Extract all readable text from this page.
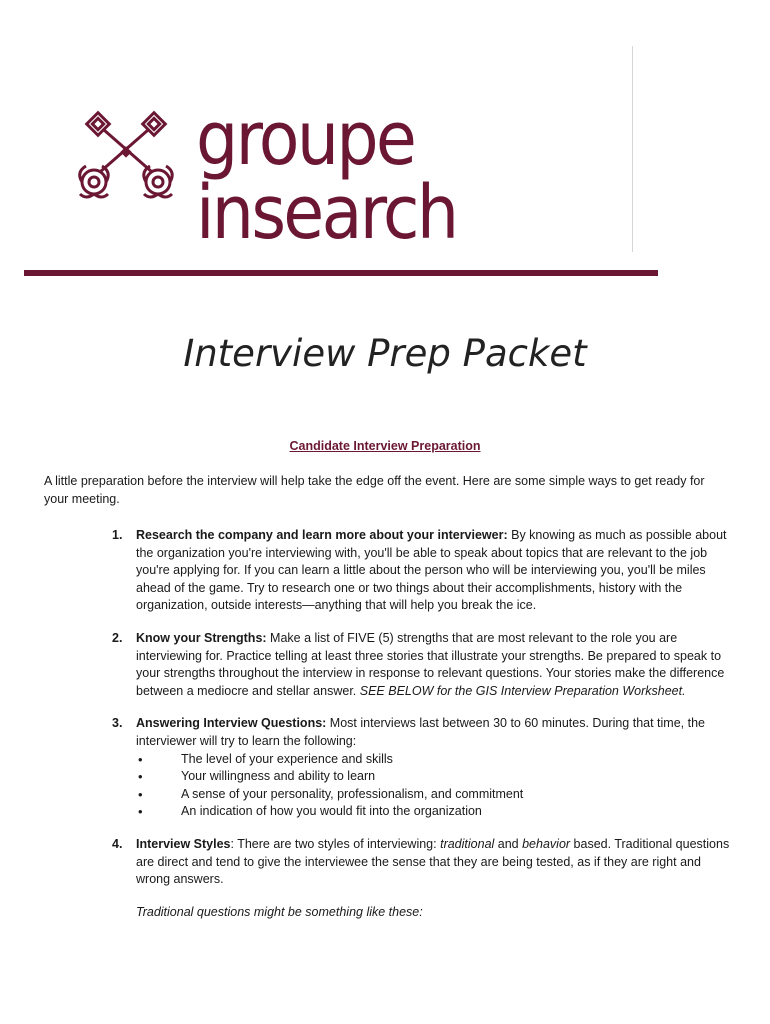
groupe insearch
Interview Prep Packet
Candidate Interview Preparation
A little preparation before the interview will help take the edge off the event. Here are some simple ways to get ready for your meeting.
1. Research the company and learn more about your interviewer: By knowing as much as possible about the organization you're interviewing with, you'll be able to speak about topics that are relevant to the job you're applying for. If you can learn a little about the person who will be interviewing you, you'll be miles ahead of the game. Try to research one or two things about their accomplishments, history with the organization, outside interests—anything that will help you break the ice.
2. Know your Strengths: Make a list of FIVE (5) strengths that are most relevant to the role you are interviewing for. Practice telling at least three stories that illustrate your strengths. Be prepared to speak to your strengths throughout the interview in response to relevant questions. Your stories make the difference between a mediocre and stellar answer. SEE BELOW for the GIS Interview Preparation Worksheet.
3. Answering Interview Questions: Most interviews last between 30 to 60 minutes. During that time, the interviewer will try to learn the following:
• The level of your experience and skills
• Your willingness and ability to learn
• A sense of your personality, professionalism, and commitment
• An indication of how you would fit into the organization
4. Interview Styles: There are two styles of interviewing: traditional and behavior based. Traditional questions are direct and tend to give the interviewee the sense that they are being tested, as if they are right and wrong answers.
Traditional questions might be something like these:
